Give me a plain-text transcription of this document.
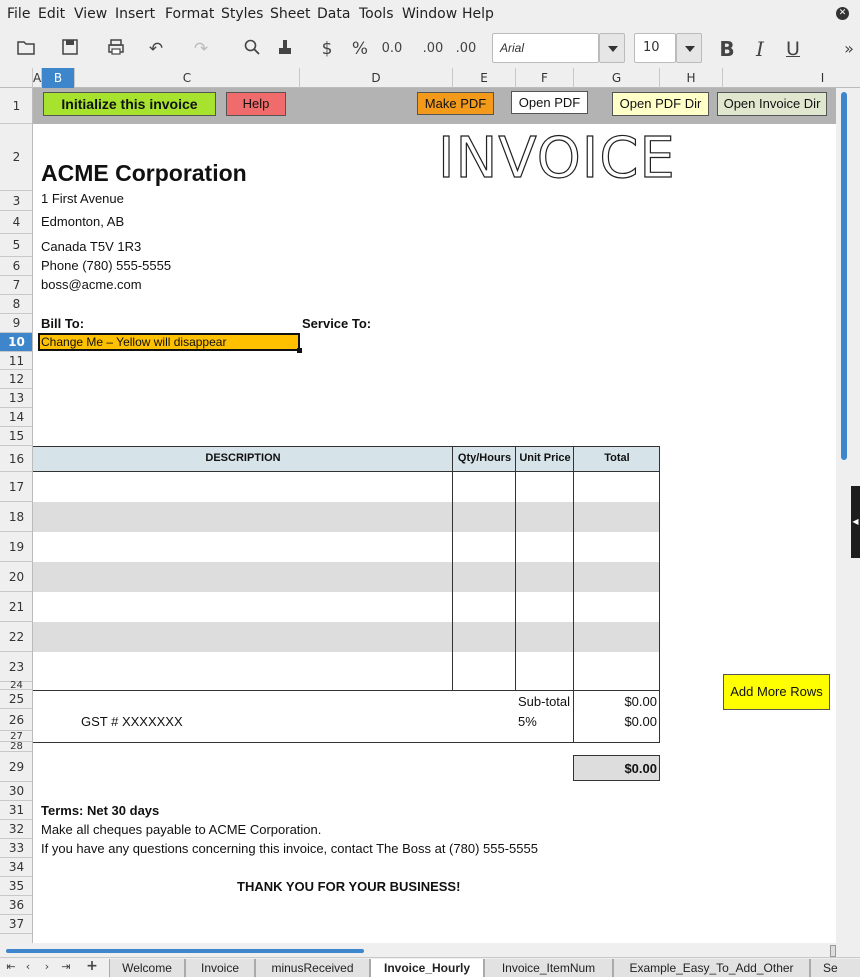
File Edit View Insert Format Styles Sheet Data Tools Window Help	✕
↶ ↷	$	% 0.0 .00 .00	B	I	U	»
Arial	10
A	B	C	D	E	F	G	H	I
1
2
3
4
5
6
7
8
9
10
11
12
13
14
15
16
17
18
19
20
21
22
23
24
25
26
27
28
29
30
31
32
33
34
35
36
37
Initialize this invoice	Help	Make PDF	Open PDF	Open PDF Dir	Open Invoice Dir
INVOICE
ACME Corporation
1 First Avenue
Edmonton, AB
Canada T5V 1R3
Phone (780) 555-5555
boss@acme.com
Bill To:	Service To:
Change Me – Yellow will disappear
DESCRIPTION	Qty/Hours Unit Price	Total
Sub-total	$0.00
GST # XXXXXXX	5%	$0.00
$0.00
Add More Rows
Terms: Net 30 days
Make all cheques payable to ACME Corporation.
If you have any questions concerning this invoice, contact The Boss at (780) 555-5555
THANK YOU FOR YOUR BUSINESS!
◀
⇤ ‹	›	⇥ +	Welcome	Invoice	minusReceived	Invoice_Hourly	Invoice_ItemNum	Example_Easy_To_Add_Other	Se
